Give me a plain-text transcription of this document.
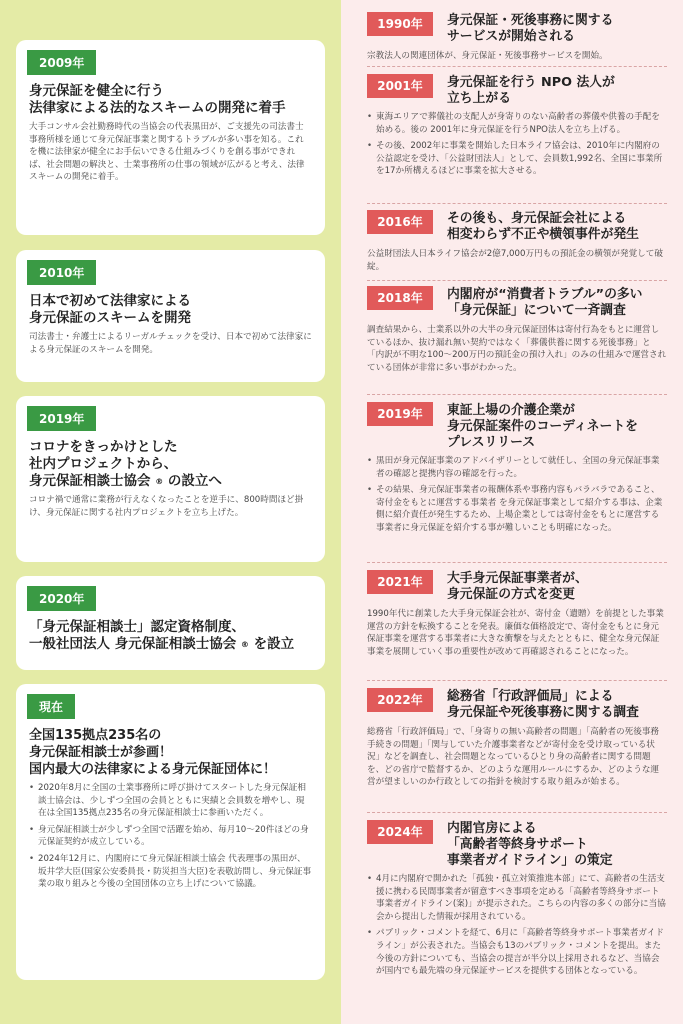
2009年
身元保証を健全に行う
法律家による法的なスキームの開発に着手
大手コンサル会社勤務時代の当協会の代表黒田が、ご支援先の司法書士事務所様を通じて身元保証事業と関するトラブルが多い事を知る。これを機に法律家が健全にお手伝いできる仕組みづくりを創る事ができれば、社会問題の解決と、士業事務所の仕事の領域が広がると考え、法律スキームの開発に着手。
2010年
日本で初めて法律家による
身元保証のスキームを開発
司法書士・弁護士によるリーガルチェックを受け、日本で初めて法律家による身元保証のスキームを開発。
2019年
コロナをきっかけとした
社内プロジェクトから、
身元保証相談士協会 ® の設立へ
コロナ禍で通常に業務が行えなくなったことを逆手に、800時間ほど掛け、身元保証に関する社内プロジェクトを立ち上げた。
2020年
「身元保証相談士」認定資格制度、
一般社団法人 身元保証相談士協会 ® を設立
現在
全国135拠点235名の
身元保証相談士が参画！
国内最大の法律家による身元保証団体に！
• 2020年8月に全国の士業事務所に呼び掛けてスタートした身元保証相談士協会は、少しずつ全国の会員とともに実績と会員数を増やし、現在は全国135拠点235名の身元保証相談士に参画いただく。
• 身元保証相談士が少しずつ全国で活躍を始め、毎月10〜20件ほどの身元保証契約が成立している。
• 2024年12月に、内閣府にて身元保証相談士協会 代表理事の黒田が、坂井学大臣(国家公安委員長・防災担当大臣)を表敬訪問し、身元保証事業の取り組みと今後の全国団体の立ち上げについて協議。
1990年	身元保証・死後事務に関する
サービスが開始される
宗教法人の関連団体が、身元保証・死後事務サービスを開始。
2001年	身元保証を行う NPO 法人が
立ち上がる
• 東海エリアで葬儀社の支配人が身寄りのない高齢者の葬儀や供養の手配を始める。後の 2001年に身元保証を行うNPO法人を立ち上げる。
• その後、2002年に事業を開始した日本ライフ協会は、2010年に内閣府の公益認定を受け、「公益財団法人」として、会員数1,992名、全国に事業所を17か所構えるほどに事業を拡大させる。
2016年	その後も、身元保証会社による
相変わらず不正や横領事件が発生
公益財団法人日本ライフ協会が2億7,000万円もの預託金の横領が発覚して破綻。
2018年	内閣府が“消費者トラブル”の多い
「身元保証」について一斉調査
調査結果から、士業系以外の大半の身元保証団体は寄付行為をもとに運営しているほか、抜け漏れ無い契約ではなく「葬儀供養に関する死後事務」と「内訳が不明な100〜200万円の預託金の預け入れ」のみの仕組みで運営されている団体が非常に多い事がわかった。
2019年	東証上場の介護企業が
身元保証案件のコーディネートを
プレスリリース
• 黒田が身元保証事業のアドバイザリーとして就任し、全国の身元保証事業者の確認と提携内容の確認を行った。
• その結果、身元保証事業者の報酬体系や事務内容もバラバラであること、寄付金をもとに運営する事業者 を身元保証事業として紹介する事は、企業側に紹介責任が発生するため、上場企業としては寄付金をもとに運営する事業者に身元保証を紹介する事が難しいことも明確になった。
2021年	大手身元保証事業者が、
身元保証の方式を変更
1990年代に創業した大手身元保証会社が、寄付金（遺贈）を前提とした事業運営の方針を転換することを発表。廉価な価格設定で、寄付金をもとに身元保証事業を運営する事業者に大きな衝撃を与えたとともに、健全な身元保証事業を展開していく事の重要性が改めて再確認されることになった。
2022年	総務省「行政評価局」による
身元保証や死後事務に関する調査
総務省「行政評価局」で、「身寄りの無い高齢者の問題」「高齢者の死後事務手続きの問題」「関与していた介護事業者などが寄付金を受け取っている状況」などを調査し、社会問題となっているひとり身の高齢者に関する問題を、どの省庁で監督するか、どのような運用ルールにするか、どのような運営が望ましいのか行政としての指針を検討する取り組みが始まる。
2024年	内閣官房による
「高齢者等終身サポート
事業者ガイドライン」の策定
• 4月に内閣府で開かれた「孤独・孤立対策推進本部」にて、高齢者の生活支援に携わる民間事業者が留意すべき事項を定める「高齢者等終身サポート事業者ガイドライン(案)」が提示された。こちらの内容の多くの部分に当協会から提出した情報が採用されている。
• パブリック・コメントを経て、6月に「高齢者等終身サポート事業者ガイドライン」が公表された。当協会も13のパブリック・コメントを提出。また今後の方針についても、当協会の提言が半分以上採用されるなど、当協会が国内でも最先端の身元保証サービスを提供する団体となっている。
